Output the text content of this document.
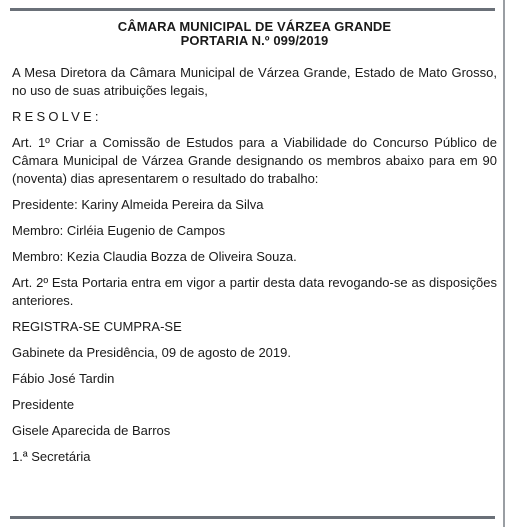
CÂMARA MUNICIPAL DE VÁRZEA GRANDE

PORTARIA N.º 099/2019

A Mesa Diretora da Câmara Municipal de Várzea Grande, Estado de Mato Grosso, no uso de suas atribuições legais,

RESOLVE:

Art. 1º Criar a Comissão de Estudos para a Viabilidade do Concurso Público de Câmara Municipal de Várzea Grande designando os membros abaixo para em 90 (noventa) dias apresentarem o resultado do trabalho:

Presidente: Kariny Almeida Pereira da Silva

Membro: Cirléia Eugenio de Campos

Membro: Kezia Claudia Bozza de Oliveira Souza.

Art. 2º Esta Portaria entra em vigor a partir desta data revogando-se as disposições anteriores.

REGISTRA-SE CUMPRA-SE

Gabinete da Presidência, 09 de agosto de 2019.

Fábio José Tardin

Presidente

Gisele Aparecida de Barros

1.ª Secretária
